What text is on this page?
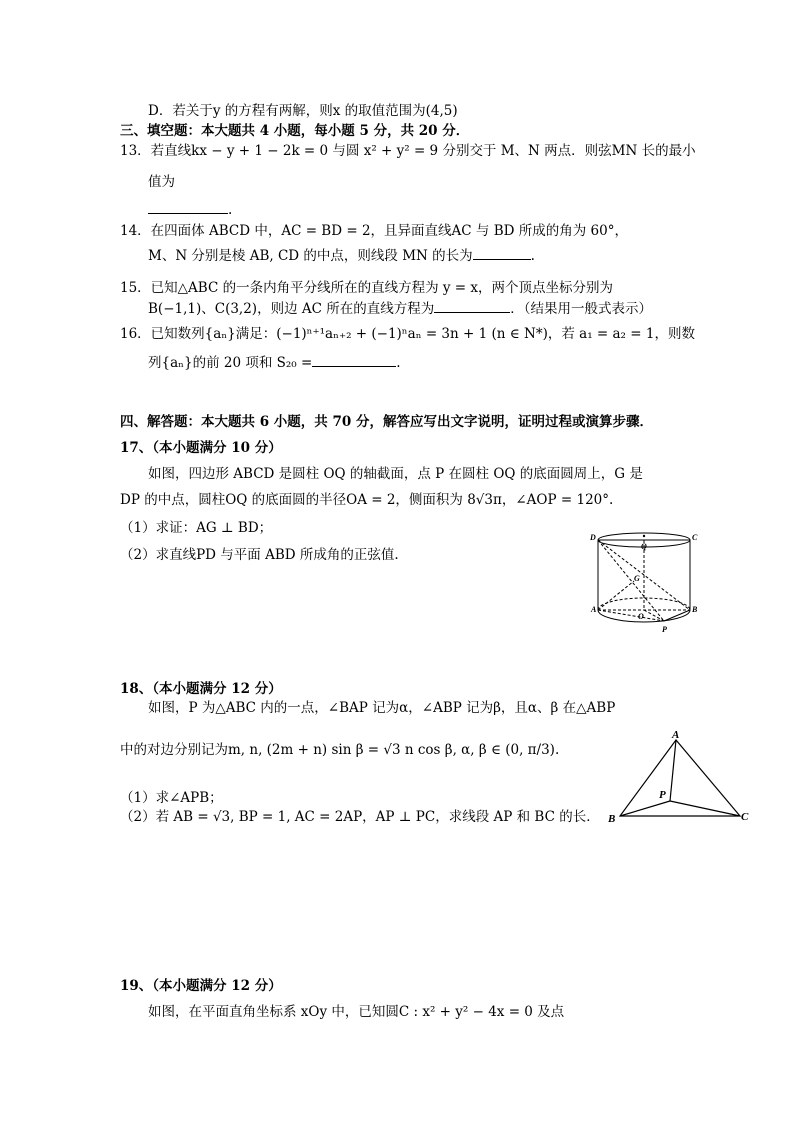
D．若关于y 的方程有两解，则x 的取值范围为(4,5)
三、填空题：本大题共 4 小题，每小题 5 分，共 20 分．
13．若直线kx − y + 1 − 2k = 0 与圆 x² + y² = 9 分别交于 M、N 两点．则弦MN 长的最小
值为
.
14．在四面体 ABCD 中，AC = BD = 2，且异面直线AC 与 BD 所成的角为 60°，
M、N 分别是棱 AB, CD 的中点，则线段 MN 的长为	.
15．已知△ABC 的一条内角平分线所在的直线方程为 y = x，两个顶点坐标分别为
B(−1,1)、C(3,2)，则边 AC 所在的直线方程为	．（结果用一般式表示）
16．已知数列{aₙ}满足：(−1)ⁿ⁺¹aₙ₊₂ + (−1)ⁿaₙ = 3n + 1 (n ∈ N*)，若 a₁ = a₂ = 1，则数
列{aₙ}的前 20 项和 S₂₀ =	.
四、解答题：本大题共 6 小题，共 70 分，解答应写出文字说明，证明过程或演算步骤．
17、（本小题满分 10 分）
如图，四边形 ABCD 是圆柱 OQ 的轴截面，点 P 在圆柱 OQ 的底面圆周上，G 是
DP 的中点，圆柱OQ 的底面圆的半径OA = 2，侧面积为 8√3π，∠AOP = 120°.
（1）求证：AG ⊥ BD；
（2）求直线PD 与平面 ABD 所成角的正弦值.
D	C
Q
G
A	B
O
P
18、（本小题满分 12 分）
如图，P 为△ABC 内的一点，∠BAP 记为α，∠ABP 记为β，且α、β 在△ABP
中的对边分别记为m, n, (2m + n) sin β = √3 n cos β, α, β ∈ (0, π/3).
（1）求∠APB；
（2）若 AB = √3, BP = 1, AC = 2AP，AP ⊥ PC，求线段 AP 和 BC 的长．
A
B	C
P
19、（本小题满分 12 分）
如图，在平面直角坐标系 xOy 中，已知圆C : x² + y² − 4x = 0 及点
